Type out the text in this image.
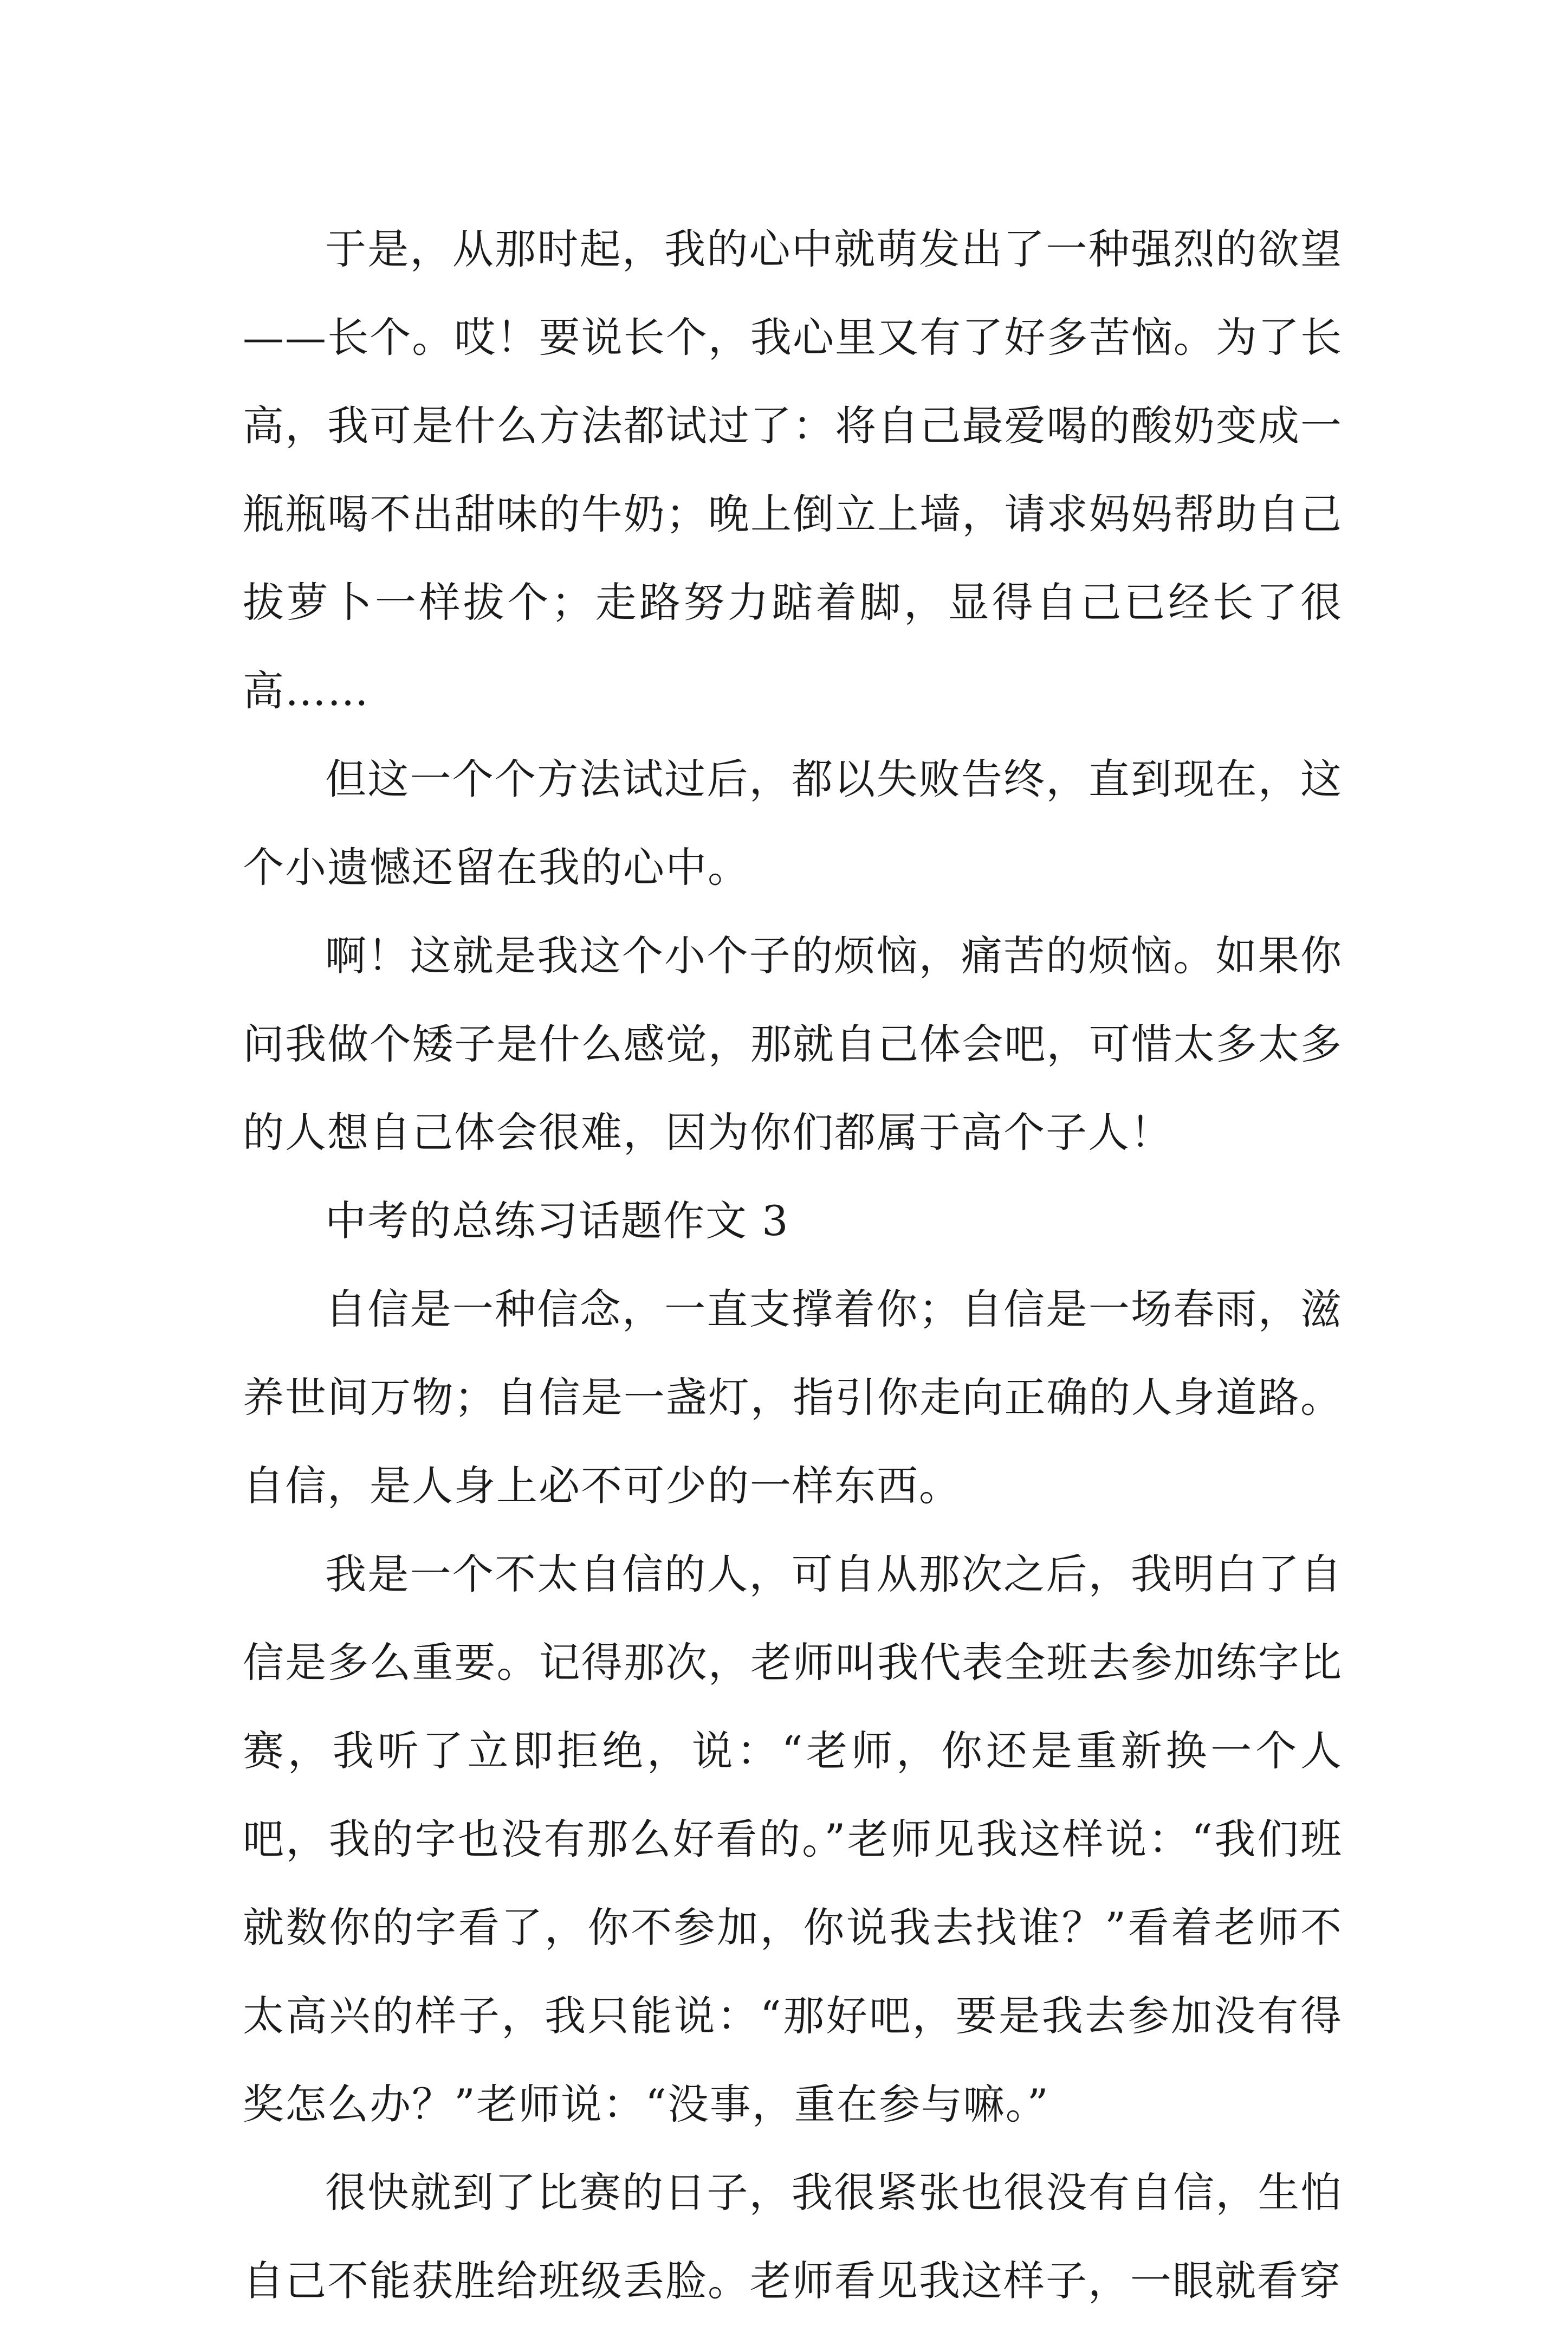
于是，从那时起，我的心中就萌发出了一种强烈的欲望——长个。哎！要说长个，我心里又有了好多苦恼。为了长高，我可是什么方法都试过了：将自己最爱喝的酸奶变成一瓶瓶喝不出甜味的牛奶；晚上倒立上墙，请求妈妈帮助自己拔萝卜一样拔个；走路努力踮着脚，显得自己已经长了很高……

但这一个个方法试过后，都以失败告终，直到现在，这个小遗憾还留在我的心中。

啊！这就是我这个小个子的烦恼，痛苦的烦恼。如果你问我做个矮子是什么感觉，那就自己体会吧，可惜太多太多的人想自己体会很难，因为你们都属于高个子人！

中考的总练习话题作文 3

自信是一种信念，一直支撑着你；自信是一场春雨，滋养世间万物；自信是一盏灯，指引你走向正确的人身道路。自信，是人身上必不可少的一样东西。

我是一个不太自信的人，可自从那次之后，我明白了自信是多么重要。记得那次，老师叫我代表全班去参加练字比赛，我听了立即拒绝，说：“老师，你还是重新换一个人吧，我的字也没有那么好看的。”老师见我这样说：“我们班就数你的字看了，你不参加，你说我去找谁？”看着老师不太高兴的样子，我只能说：“那好吧，要是我去参加没有得奖怎么办？”老师说：“没事，重在参与嘛。”

很快就到了比赛的日子，我很紧张也很没有自信，生怕自己不能获胜给班级丢脸。老师看见我这样子，一眼就看穿
